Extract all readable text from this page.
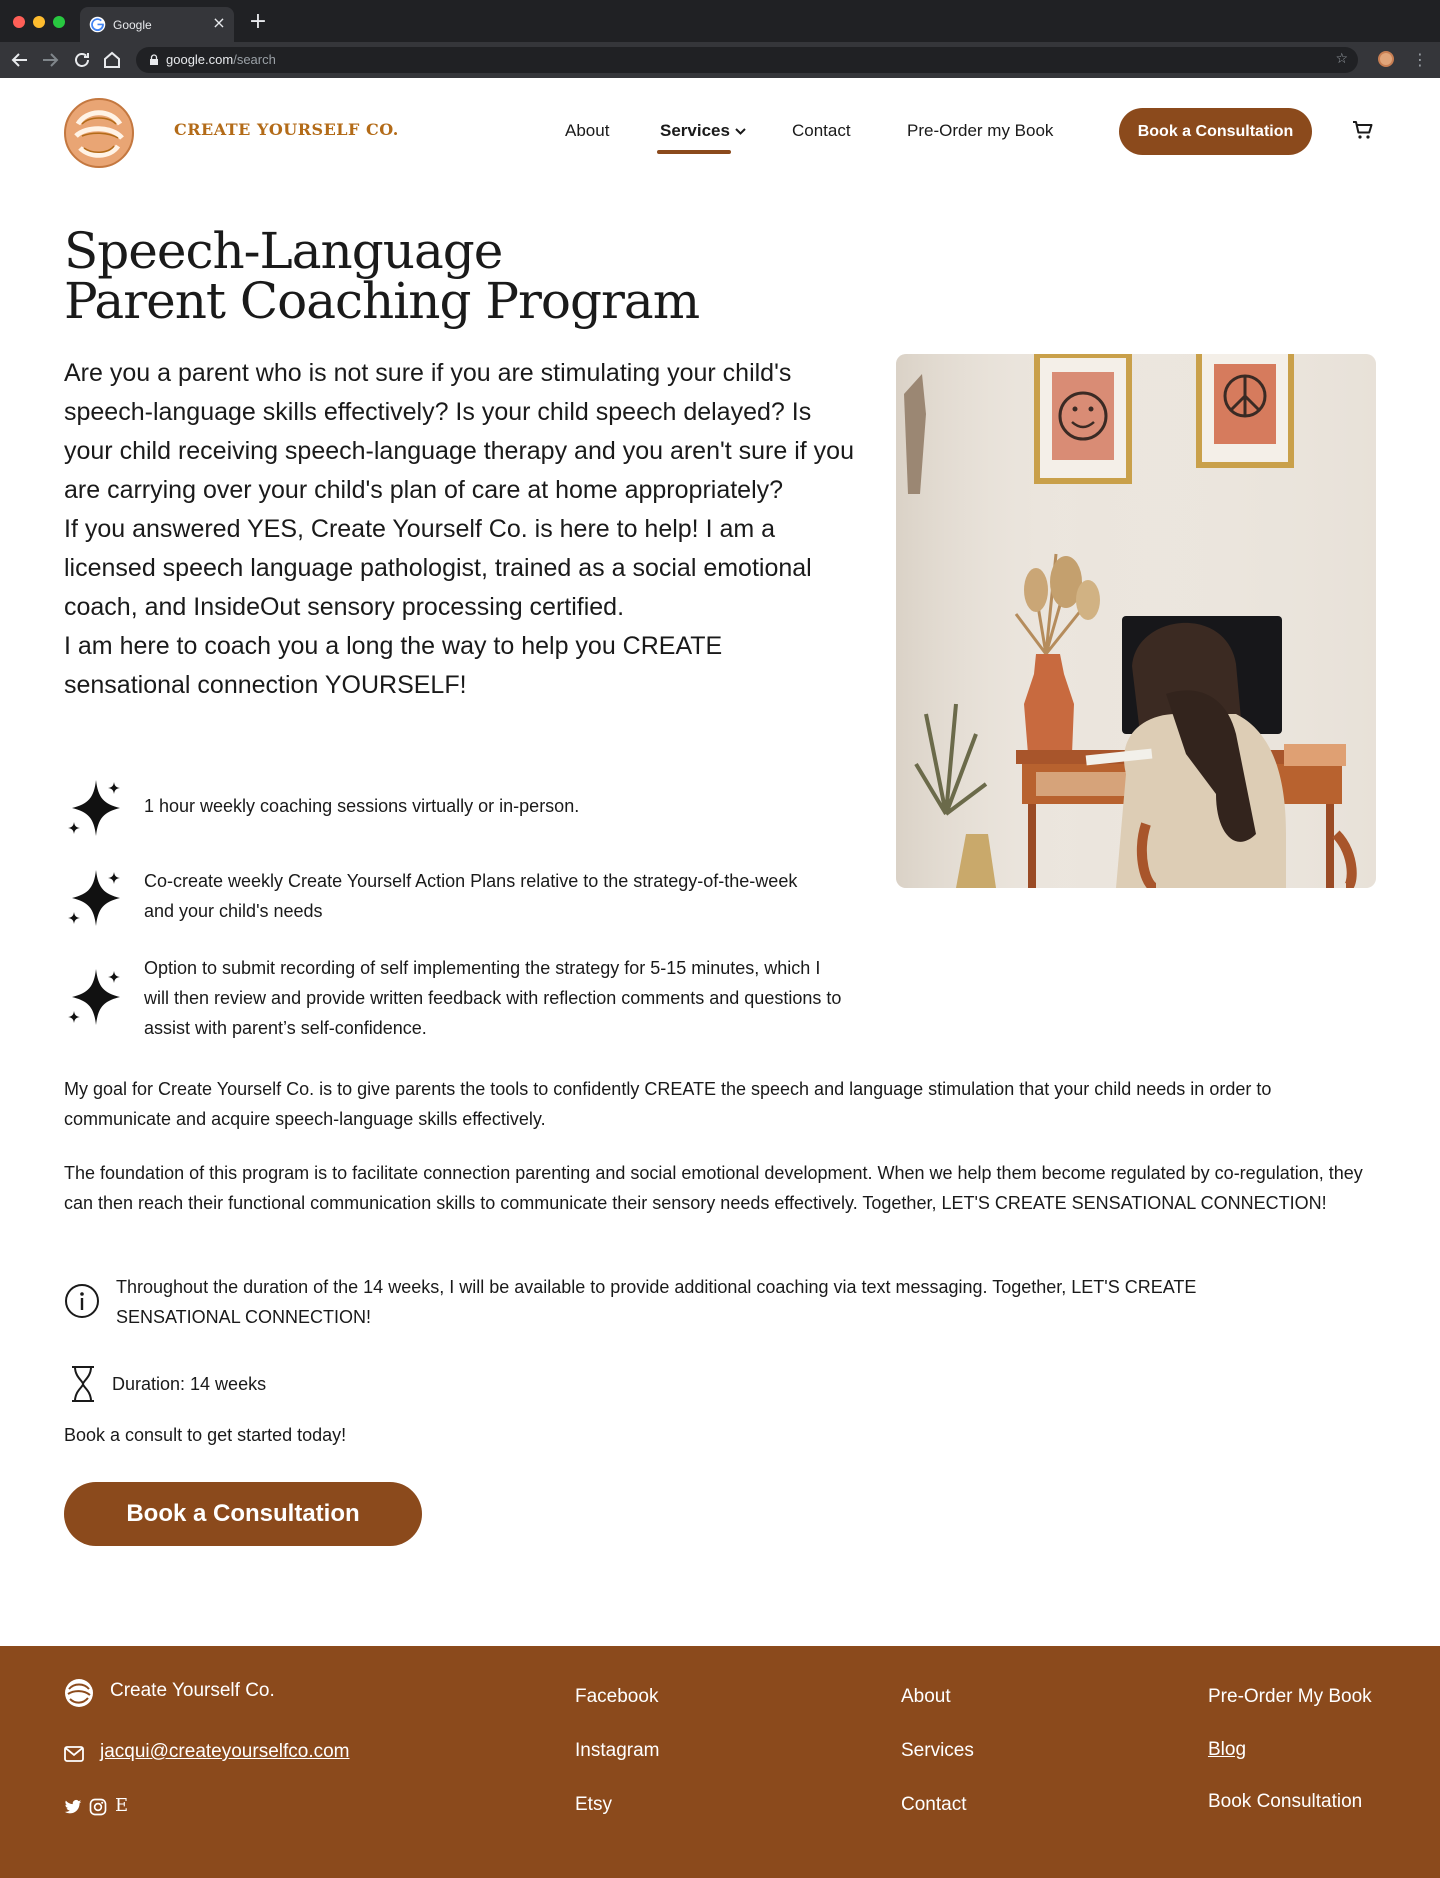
Google	× +
google.com/search	☆	⋮
CREATE YOURSELF CO.	About	Services	Contact	Pre-Order my Book	Book a Consultation
Speech-Language
Parent Coaching Program

Are you a parent who is not sure if you are stimulating your child's speech-language skills effectively? Is your child speech delayed? Is your child receiving speech-language therapy and you aren't sure if you are carrying over your child's plan of care at home appropriately?

If you answered YES, Create Yourself Co. is here to help! I am a licensed speech language pathologist, trained as a social emotional coach, and InsideOut sensory processing certified.

I am here to coach you a long the way to help you CREATE sensational connection YOURSELF!

1 hour weekly coaching sessions virtually or in-person.
Co-create weekly Create Yourself Action Plans relative to the strategy-of-the-week and your child's needs
Option to submit recording of self implementing the strategy for 5-15 minutes, which I will then review and provide written feedback with reflection comments and questions to assist with parent’s self-confidence.

My goal for Create Yourself Co. is to give parents the tools to confidently CREATE the speech and language stimulation that your child needs in order to communicate and acquire speech-language skills effectively.

The foundation of this program is to facilitate connection parenting and social emotional development. When we help them become regulated by co-regulation, they can then reach their functional communication skills to communicate their sensory needs effectively. Together, LET'S CREATE SENSATIONAL CONNECTION!

Throughout the duration of the 14 weeks, I will be available to provide additional coaching via text messaging. Together, LET'S CREATE SENSATIONAL CONNECTION!

Duration: 14 weeks

Book a consult to get started today!

Book a Consultation
Create Yourself Co.
jacqui@createyourselfco.com
E
Facebook
Instagram
Etsy
About
Services
Contact
Pre-Order My Book
Blog
Book Consultation
